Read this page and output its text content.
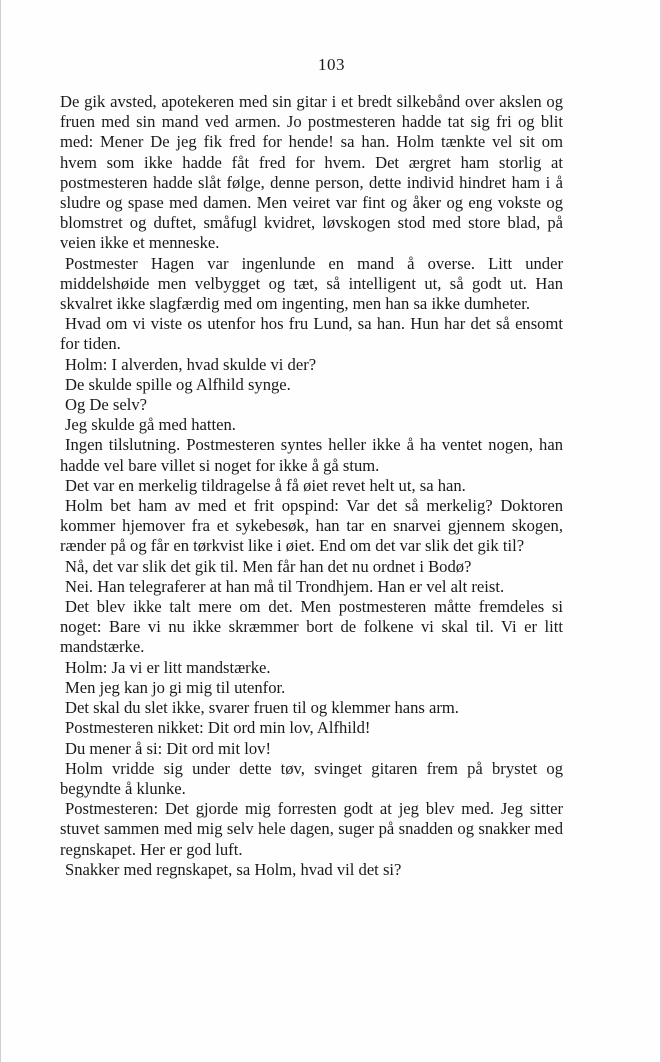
103

De gik avsted, apotekeren med sin gitar i et bredt silkebånd over akslen og fruen med sin mand ved armen. Jo postmesteren hadde tat sig fri og blit med: Mener De jeg fik fred for hende! sa han. Holm tænkte vel sit om hvem som ikke hadde fåt fred for hvem. Det ærgret ham storlig at postmesteren hadde slåt følge, denne person, dette individ hindret ham i å sludre og spase med damen. Men veiret var fint og åker og eng vokste og blomstret og duftet, småfugl kvidret, løvskogen stod med store blad, på veien ikke et menneske.

Postmester Hagen var ingenlunde en mand å overse. Litt under middelshøide men velbygget og tæt, så intelligent ut, så godt ut. Han skvalret ikke slagfærdig med om ingenting, men han sa ikke dumheter.

Hvad om vi viste os utenfor hos fru Lund, sa han. Hun har det så ensomt for tiden.

Holm: I alverden, hvad skulde vi der?

De skulde spille og Alfhild synge.

Og De selv?

Jeg skulde gå med hatten.

Ingen tilslutning. Postmesteren syntes heller ikke å ha ventet nogen, han hadde vel bare villet si noget for ikke å gå stum.

Det var en merkelig tildragelse å få øiet revet helt ut, sa han.

Holm bet ham av med et frit opspind: Var det så merkelig? Doktoren kommer hjemover fra et sykebesøk, han tar en snarvei gjennem skogen, rænder på og får en tørkvist like i øiet. End om det var slik det gik til?

Nå, det var slik det gik til. Men får han det nu ordnet i Bodø?

Nei. Han telegraferer at han må til Trondhjem. Han er vel alt reist.

Det blev ikke talt mere om det. Men postmesteren måtte fremdeles si noget: Bare vi nu ikke skræmmer bort de folkene vi skal til. Vi er litt mandstærke.

Holm: Ja vi er litt mandstærke.

Men jeg kan jo gi mig til utenfor.

Det skal du slet ikke, svarer fruen til og klemmer hans arm.

Postmesteren nikket: Dit ord min lov, Alfhild!

Du mener å si: Dit ord mit lov!

Holm vridde sig under dette tøv, svinget gitaren frem på brystet og begyndte å klunke.

Postmesteren: Det gjorde mig forresten godt at jeg blev med. Jeg sitter stuvet sammen med mig selv hele dagen, suger på snadden og snakker med regnskapet. Her er god luft.

Snakker med regnskapet, sa Holm, hvad vil det si?
